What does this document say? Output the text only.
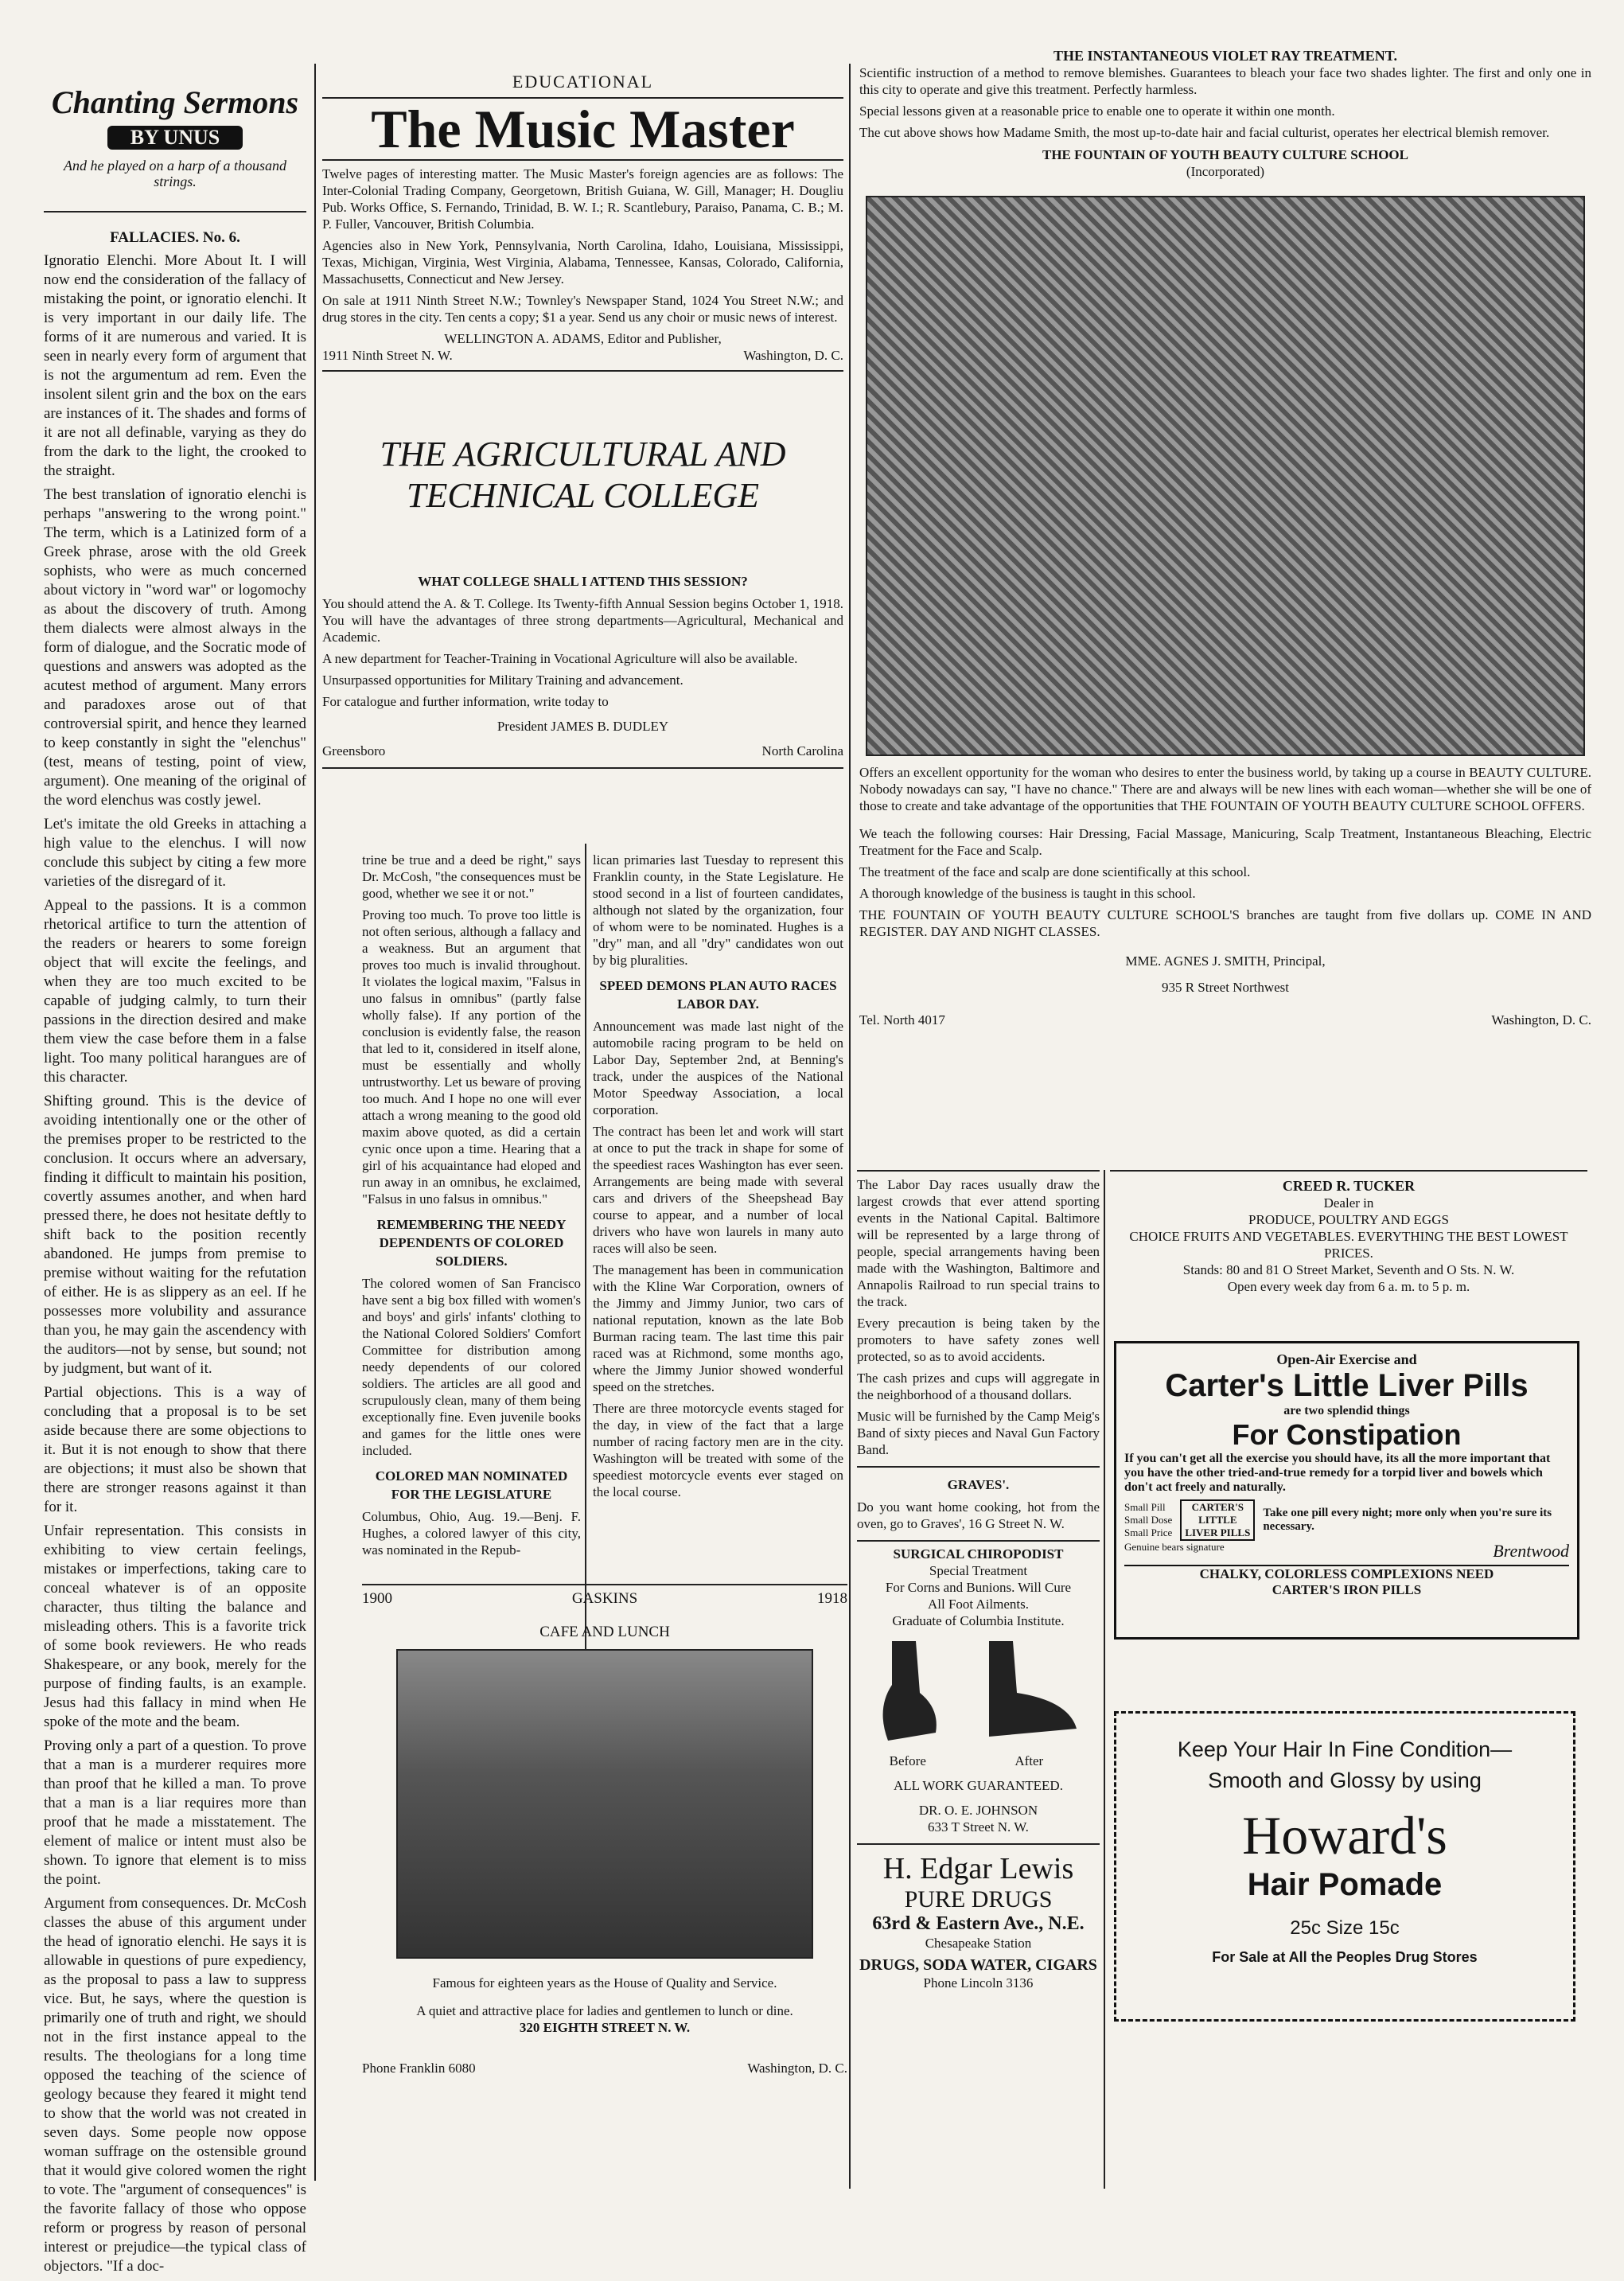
Chanting Sermons
BY UNUS
And he played on a harp of a thousand strings.
FALLACIES. No. 6.

Ignoratio Elenchi. More About It. I will now end the consideration of the fallacy of mistaking the point, or ignoratio elenchi. It is very important in our daily life. The forms of it are numerous and varied. It is seen in nearly every form of argument that is not the argumentum ad rem. Even the insolent silent grin and the box on the ears are instances of it. The shades and forms of it are not all definable, varying as they do from the dark to the light, the crooked to the straight.

The best translation of ignoratio elenchi is perhaps "answering to the wrong point." The term, which is a Latinized form of a Greek phrase, arose with the old Greek sophists, who were as much concerned about victory in "word war" or logomochy as about the discovery of truth. Among them dialects were almost always in the form of dialogue, and the Socratic mode of questions and answers was adopted as the acutest method of argument. Many errors and paradoxes arose out of that controversial spirit, and hence they learned to keep constantly in sight the "elenchus" (test, means of testing, point of view, argument). One meaning of the original of the word elenchus was costly jewel.

Let's imitate the old Greeks in attaching a high value to the elenchus. I will now conclude this subject by citing a few more varieties of the disregard of it.

Appeal to the passions. It is a common rhetorical artifice to turn the attention of the readers or hearers to some foreign object that will excite the feelings, and when they are too much excited to be capable of judging calmly, to turn their passions in the direction desired and make them view the case before them in a false light. Too many political harangues are of this character.

Shifting ground. This is the device of avoiding intentionally one or the other of the premises proper to be restricted to the conclusion. It occurs where an adversary, finding it difficult to maintain his position, covertly assumes another, and when hard pressed there, he does not hesitate deftly to shift back to the position recently abandoned. He jumps from premise to premise without waiting for the refutation of either. He is as slippery as an eel. If he possesses more volubility and assurance than you, he may gain the ascendency with the auditors—not by sense, but sound; not by judgment, but want of it.

Partial objections. This is a way of concluding that a proposal is to be set aside because there are some objections to it. But it is not enough to show that there are objections; it must also be shown that there are stronger reasons against it than for it.

Unfair representation. This consists in exhibiting to view certain feelings, mistakes or imperfections, taking care to conceal whatever is of an opposite character, thus tilting the balance and misleading others. This is a favorite trick of some book reviewers. He who reads Shakespeare, or any book, merely for the purpose of finding faults, is an example. Jesus had this fallacy in mind when He spoke of the mote and the beam.

Proving only a part of a question. To prove that a man is a murderer requires more than proof that he killed a man. To prove that a man is a liar requires more than proof that he made a misstatement. The element of malice or intent must also be shown. To ignore that element is to miss the point.

Argument from consequences. Dr. McCosh classes the abuse of this argument under the head of ignoratio elenchi. He says it is allowable in questions of pure expediency, as the proposal to pass a law to suppress vice. But, he says, where the question is primarily one of truth and right, we should not in the first instance appeal to the results. The theologians for a long time opposed the teaching of the science of geology because they feared it might tend to show that the world was not created in seven days. Some people now oppose woman suffrage on the ostensible ground that it would give colored women the right to vote. The "argument of consequences" is the favorite fallacy of those who oppose reform or progress by reason of personal interest or prejudice—the typical class of objectors. "If a doc-

EDUCATIONAL
The Music Master

Twelve pages of interesting matter. The Music Master's foreign agencies are as follows: The Inter-Colonial Trading Company, Georgetown, British Guiana, W. Gill, Manager; H. Dougliu Pub. Works Office, S. Fernando, Trinidad, B. W. I.; R. Scantlebury, Paraiso, Panama, C. B.; M. P. Fuller, Vancouver, British Columbia.

Agencies also in New York, Pennsylvania, North Carolina, Idaho, Louisiana, Mississippi, Texas, Michigan, Virginia, West Virginia, Alabama, Tennessee, Kansas, Colorado, California, Massachusetts, Connecticut and New Jersey.

On sale at 1911 Ninth Street N.W.; Townley's Newspaper Stand, 1024 You Street N.W.; and drug stores in the city. Ten cents a copy; $1 a year. Send us any choir or music news of interest.

WELLINGTON A. ADAMS, Editor and Publisher,
1911 Ninth Street N. W.	Washington, D. C.
THE AGRICULTURAL AND
TECHNICAL COLLEGE
WHAT COLLEGE SHALL I ATTEND THIS SESSION?

You should attend the A. & T. College. Its Twenty-fifth Annual Session begins October 1, 1918. You will have the advantages of three strong departments—Agricultural, Mechanical and Academic.

A new department for Teacher-Training in Vocational Agriculture will also be available.

Unsurpassed opportunities for Military Training and advancement.

For catalogue and further information, write today to

President JAMES B. DUDLEY
Greensboro	North Carolina

trine be true and a deed be right," says Dr. McCosh, "the consequences must be good, whether we see it or not."

Proving too much. To prove too little is not often serious, although a fallacy and a weakness. But an argument that proves too much is invalid throughout. It violates the logical maxim, "Falsus in uno falsus in omnibus" (partly false wholly false). If any portion of the conclusion is evidently false, the reason that led to it, considered in itself alone, must be essentially and wholly untrustworthy. Let us beware of proving too much. And I hope no one will ever attach a wrong meaning to the good old maxim above quoted, as did a certain cynic once upon a time. Hearing that a girl of his acquaintance had eloped and run away in an omnibus, he exclaimed, "Falsus in uno falsus in omnibus."

REMEMBERING THE NEEDY DEPENDENTS OF COLORED SOLDIERS.

The colored women of San Francisco have sent a big box filled with women's and boys' and girls' infants' clothing to the National Colored Soldiers' Comfort Committee for distribution among needy dependents of our colored soldiers. The articles are all good and scrupulously clean, many of them being exceptionally fine. Even juvenile books and games for the little ones were included.

COLORED MAN NOMINATED FOR THE LEGISLATURE

Columbus, Ohio, Aug. 19.—Benj. F. Hughes, a colored lawyer of this city, was nominated in the Repub-

lican primaries last Tuesday to represent this Franklin county, in the State Legislature. He stood second in a list of fourteen candidates, although not slated by the organization, four of whom were to be nominated. Hughes is a "dry" man, and all "dry" candidates won out by big pluralities.

SPEED DEMONS PLAN AUTO RACES LABOR DAY.

Announcement was made last night of the automobile racing program to be held on Labor Day, September 2nd, at Benning's track, under the auspices of the National Motor Speedway Association, a local corporation.

The contract has been let and work will start at once to put the track in shape for some of the speediest races Washington has ever seen. Arrangements are being made with several cars and drivers of the Sheepshead Bay course to appear, and a number of local drivers who have won laurels in many auto races will also be seen.

The management has been in communication with the Kline War Corporation, owners of the Jimmy and Jimmy Junior, two cars of national reputation, known as the late Bob Burman racing team. The last time this pair raced was at Richmond, some months ago, where the Jimmy Junior showed wonderful speed on the stretches.

There are three motorcycle events staged for the day, in view of the fact that a large number of racing factory men are in the city. Washington will be treated with some of the speediest motorcycle events ever staged on the local course.

1900	GASKINS	1918
CAFE AND LUNCH
Famous for eighteen years as the House of Quality and Service.
A quiet and attractive place for ladies and gentlemen to lunch or dine.
320 EIGHTH STREET N. W.
Phone Franklin 6080	Washington, D. C.
THE INSTANTANEOUS VIOLET RAY TREATMENT.

Scientific instruction of a method to remove blemishes. Guarantees to bleach your face two shades lighter. The first and only one in this city to operate and give this treatment. Perfectly harmless.

Special lessons given at a reasonable price to enable one to operate it within one month.

The cut above shows how Madame Smith, the most up-to-date hair and facial culturist, operates her electrical blemish remover.

THE FOUNTAIN OF YOUTH BEAUTY CULTURE SCHOOL
(Incorporated)

Offers an excellent opportunity for the woman who desires to enter the business world, by taking up a course in BEAUTY CULTURE. Nobody nowadays can say, "I have no chance." There are and always will be new lines with each woman—whether she will be one of those to create and take advantage of the opportunities that THE FOUNTAIN OF YOUTH BEAUTY CULTURE SCHOOL OFFERS.

We teach the following courses: Hair Dressing, Facial Massage, Manicuring, Scalp Treatment, Instantaneous Bleaching, Electric Treatment for the Face and Scalp.

The treatment of the face and scalp are done scientifically at this school.

A thorough knowledge of the business is taught in this school.

THE FOUNTAIN OF YOUTH BEAUTY CULTURE SCHOOL'S branches are taught from five dollars up. COME IN AND REGISTER. DAY AND NIGHT CLASSES.

MME. AGNES J. SMITH, Principal,
935 R Street Northwest
Tel. North 4017	Washington, D. C.

The Labor Day races usually draw the largest crowds that ever attend sporting events in the National Capital. Baltimore will be represented by a large throng of people, special arrangements having been made with the Washington, Baltimore and Annapolis Railroad to run special trains to the track.

Every precaution is being taken by the promoters to have safety zones well protected, so as to avoid accidents.

The cash prizes and cups will aggregate in the neighborhood of a thousand dollars.

Music will be furnished by the Camp Meig's Band of sixty pieces and Naval Gun Factory Band.

GRAVES'.

Do you want home cooking, hot from the oven, go to Graves', 16 G Street N. W.

SURGICAL CHIROPODIST
Special Treatment
For Corns and Bunions. Will Cure
All Foot Ailments.
Graduate of Columbia Institute.
Before	After
ALL WORK GUARANTEED.
DR. O. E. JOHNSON
633 T Street N. W.
H. Edgar Lewis
PURE DRUGS
63rd & Eastern Ave., N.E.
Chesapeake Station
DRUGS, SODA WATER, CIGARS
Phone Lincoln 3136
CREED R. TUCKER
Dealer in
PRODUCE, POULTRY AND EGGS
CHOICE FRUITS AND VEGETABLES. EVERYTHING THE BEST LOWEST PRICES.
Stands: 80 and 81 O Street Market, Seventh and O Sts. N. W.
Open every week day from 6 a. m. to 5 p. m.
Open-Air Exercise and
Carter's Little Liver Pills
are two splendid things
For Constipation
If you can't get all the exercise you should have, its all the more important that you have the other tried-and-true remedy for a torpid liver and bowels which don't act freely and naturally.
Small Pill
Small Dose
Small Price
CARTER'S LITTLE LIVER PILLS
Take one pill every night; more only when you're sure its necessary.
Genuine bears signature	Brentwood
CHALKY, COLORLESS COMPLEXIONS NEED
CARTER'S IRON PILLS
Keep Your Hair In Fine Condition—
Smooth and Glossy by using
Howard's
Hair Pomade
25c Size 15c
For Sale at All the Peoples Drug Stores
